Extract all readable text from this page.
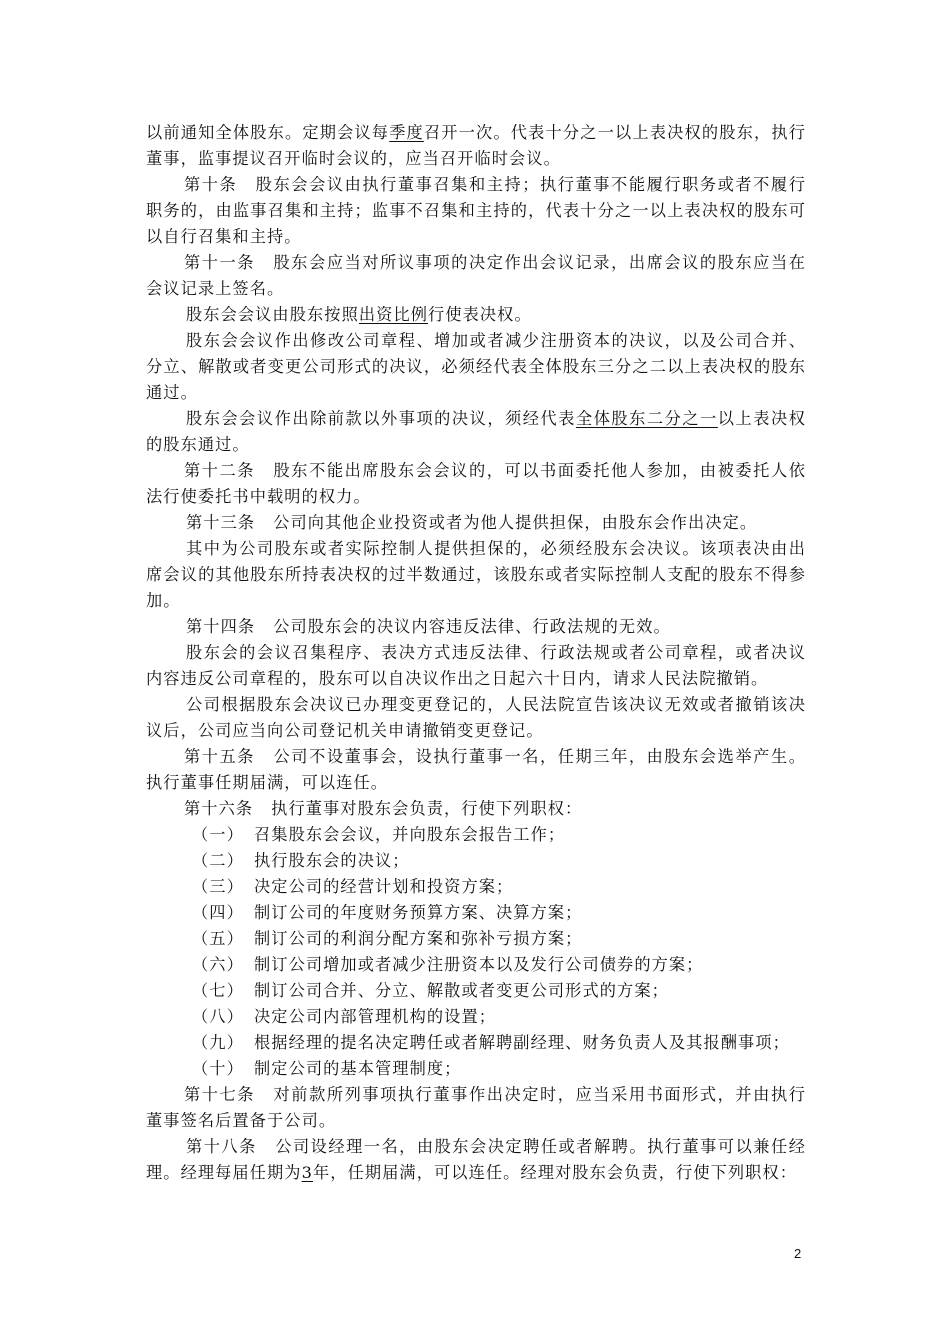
以前通知全体股东。定期会议每季度召开一次。代表十分之一以上表决权的股东，执行董事，监事提议召开临时会议的，应当召开临时会议。

第十条 股东会会议由执行董事召集和主持；执行董事不能履行职务或者不履行职务的，由监事召集和主持；监事不召集和主持的，代表十分之一以上表决权的股东可以自行召集和主持。

第十一条 股东会应当对所议事项的决定作出会议记录，出席会议的股东应当在会议记录上签名。

股东会会议由股东按照出资比例行使表决权。

股东会会议作出修改公司章程、增加或者减少注册资本的决议，以及公司合并、分立、解散或者变更公司形式的决议，必须经代表全体股东三分之二以上表决权的股东通过。

股东会会议作出除前款以外事项的决议，须经代表全体股东二分之一以上表决权的股东通过。

第十二条 股东不能出席股东会会议的，可以书面委托他人参加，由被委托人依法行使委托书中载明的权力。

第十三条 公司向其他企业投资或者为他人提供担保，由股东会作出决定。

其中为公司股东或者实际控制人提供担保的，必须经股东会决议。该项表决由出席会议的其他股东所持表决权的过半数通过，该股东或者实际控制人支配的股东不得参加。

第十四条 公司股东会的决议内容违反法律、行政法规的无效。

股东会的会议召集程序、表决方式违反法律、行政法规或者公司章程，或者决议内容违反公司章程的，股东可以自决议作出之日起六十日内，请求人民法院撤销。

公司根据股东会决议已办理变更登记的，人民法院宣告该决议无效或者撤销该决议后，公司应当向公司登记机关申请撤销变更登记。

第十五条 公司不设董事会，设执行董事一名，任期三年，由股东会选举产生。执行董事任期届满，可以连任。

第十六条 执行董事对股东会负责，行使下列职权：

（一） 召集股东会会议，并向股东会报告工作；
（二） 执行股东会的决议；
（三） 决定公司的经营计划和投资方案；
（四） 制订公司的年度财务预算方案、决算方案；
（五） 制订公司的利润分配方案和弥补亏损方案；
（六） 制订公司增加或者减少注册资本以及发行公司债券的方案；
（七） 制订公司合并、分立、解散或者变更公司形式的方案；
（八） 决定公司内部管理机构的设置；
（九） 根据经理的提名决定聘任或者解聘副经理、财务负责人及其报酬事项；
（十） 制定公司的基本管理制度；

第十七条 对前款所列事项执行董事作出决定时，应当采用书面形式，并由执行董事签名后置备于公司。

第十八条 公司设经理一名，由股东会决定聘任或者解聘。执行董事可以兼任经理。经理每届任期为3年，任期届满，可以连任。经理对股东会负责，行使下列职权：

2
